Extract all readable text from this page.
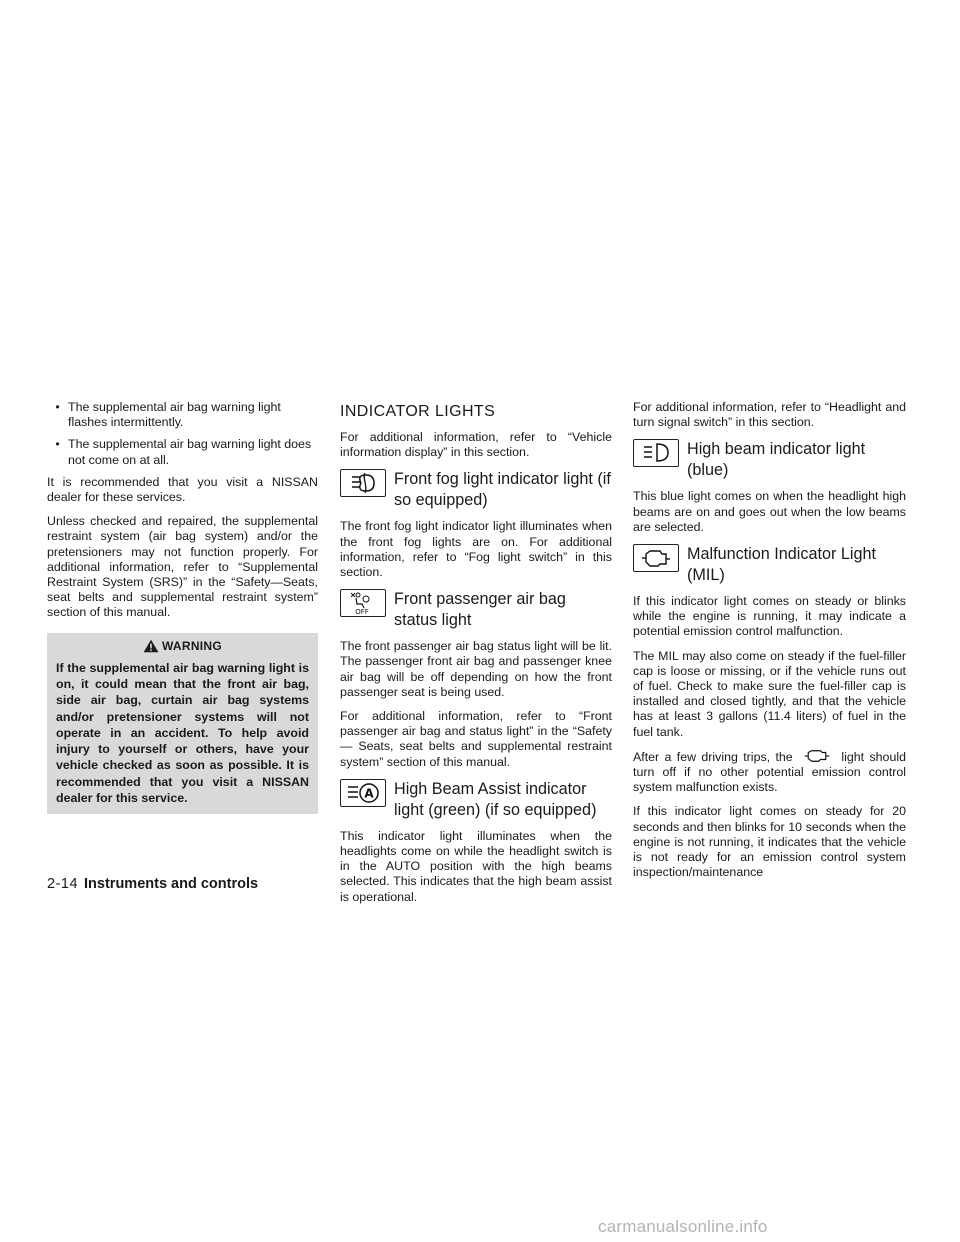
• The supplemental air bag warning light flashes intermittently.
• The supplemental air bag warning light does not come on at all.

It is recommended that you visit a NISSAN dealer for these services.

Unless checked and repaired, the supplemental restraint system (air bag system) and/or the pretensioners may not function properly. For additional information, refer to “Supplemental Restraint System (SRS)” in the “Safety—Seats, seat belts and supplemental restraint system” section of this manual.

WARNING
If the supplemental air bag warning light is on, it could mean that the front air bag, side air bag, curtain air bag systems and/or pretensioner systems will not operate in an accident. To help avoid injury to yourself or others, have your vehicle checked as soon as possible. It is recommended that you visit a NISSAN dealer for this service.
INDICATOR LIGHTS

For additional information, refer to “Vehicle information display” in this section.

Front fog light indicator light (if so equipped)

The front fog light indicator light illuminates when the front fog lights are on. For additional information, refer to “Fog light switch” in this section.

OFF
Front passenger air bag status light

The front passenger air bag status light will be lit. The passenger front air bag and passenger knee air bag will be off depending on how the front passenger seat is being used.

For additional information, refer to “Front passenger air bag and status light” in the “Safety — Seats, seat belts and supplemental restraint system” section of this manual.

A High Beam Assist indicator light (green) (if so equipped)

This indicator light illuminates when the headlights come on while the headlight switch is in the AUTO position with the high beams selected. This indicates that the high beam assist is operational.

For additional information, refer to “Headlight and turn signal switch” in this section.

High beam indicator light (blue)

This blue light comes on when the headlight high beams are on and goes out when the low beams are selected.

Malfunction Indicator Light (MIL)

If this indicator light comes on steady or blinks while the engine is running, it may indicate a potential emission control malfunction.

The MIL may also come on steady if the fuel-filler cap is loose or missing, or if the vehicle runs out of fuel. Check to make sure the fuel-filler cap is installed and closed tightly, and that the vehicle has at least 3 gallons (11.4 liters) of fuel in the fuel tank.

After a few driving trips, the	light should turn off if no other potential emission control system malfunction exists.

If this indicator light comes on steady for 20 seconds and then blinks for 10 seconds when the engine is not running, it indicates that the vehicle is not ready for an emission control system inspection/maintenance

2-14 Instruments and controls
carmanualsonline.info
